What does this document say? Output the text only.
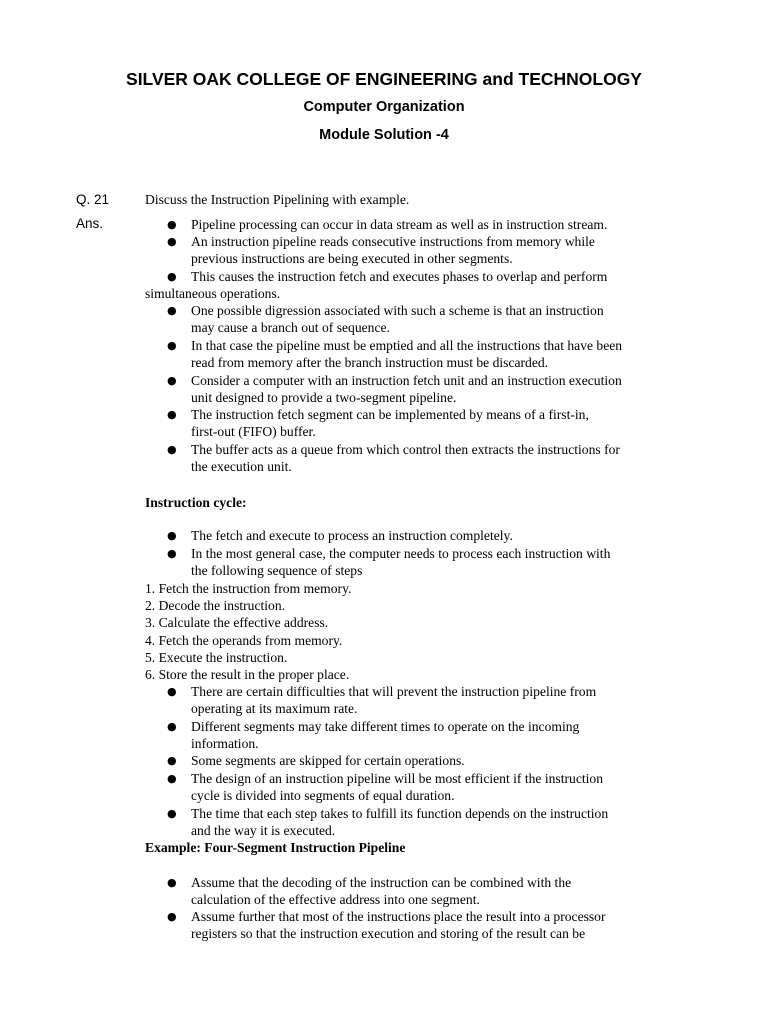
SILVER OAK COLLEGE OF ENGINEERING and TECHNOLOGY
Computer Organization
Module Solution -4
Q. 21	Discuss the Instruction Pipelining with example.
Ans.	● Pipeline processing can occur in data stream as well as in instruction stream.
● An instruction pipeline reads consecutive instructions from memory while
previous instructions are being executed in other segments.
● This causes the instruction fetch and executes phases to overlap and perform
simultaneous operations.
● One possible digression associated with such a scheme is that an instruction
may cause a branch out of sequence.
● In that case the pipeline must be emptied and all the instructions that have been
read from memory after the branch instruction must be discarded.
● Consider a computer with an instruction fetch unit and an instruction execution
unit designed to provide a two-segment pipeline.
● The instruction fetch segment can be implemented by means of a first-in,
first-out (FIFO) buffer.
● The buffer acts as a queue from which control then extracts the instructions for
the execution unit.
Instruction cycle:
● The fetch and execute to process an instruction completely.
● In the most general case, the computer needs to process each instruction with
the following sequence of steps
1. Fetch the instruction from memory.
2. Decode the instruction.
3. Calculate the effective address.
4. Fetch the operands from memory.
5. Execute the instruction.
6. Store the result in the proper place.
● There are certain difficulties that will prevent the instruction pipeline from
operating at its maximum rate.
● Different segments may take different times to operate on the incoming
information.
● Some segments are skipped for certain operations.
● The design of an instruction pipeline will be most efficient if the instruction
cycle is divided into segments of equal duration.
● The time that each step takes to fulfill its function depends on the instruction
and the way it is executed.
Example: Four-Segment Instruction Pipeline
● Assume that the decoding of the instruction can be combined with the
calculation of the effective address into one segment.
● Assume further that most of the instructions place the result into a processor
registers so that the instruction execution and storing of the result can be
